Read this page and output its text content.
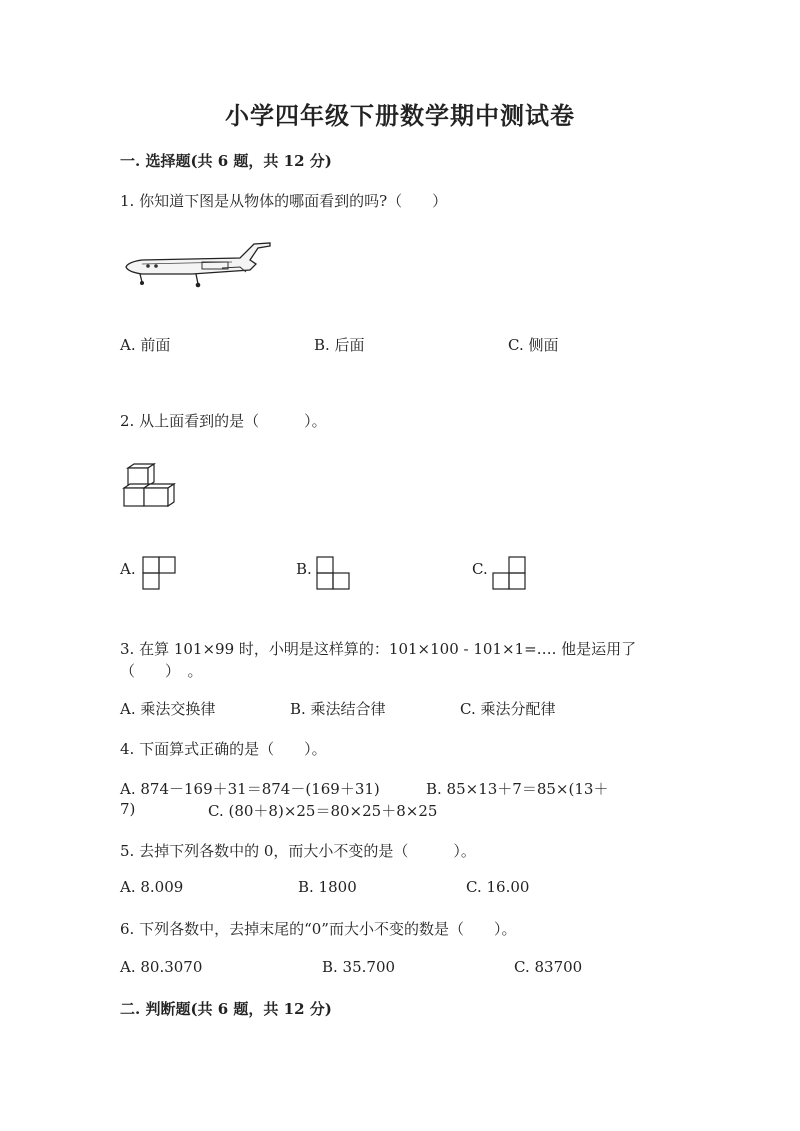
小学四年级下册数学期中测试卷
一. 选择题(共 6 题，共 12 分)
1. 你知道下图是从物体的哪面看到的吗?（　　）
A. 前面	B. 后面	C. 侧面
2. 从上面看到的是（　　　）。
A.	B.	C.
3. 在算 101×99 时，小明是这样算的：101×100 - 101×1=…. 他是运用了
（　　）　。
A. 乘法交换律	B. 乘法结合律	C. 乘法分配律
4. 下面算式正确的是（　　）。
A. 874－169＋31＝874－(169＋31)	B. 85×13＋7＝85×(13＋
7)	C. (80＋8)×25＝80×25＋8×25
5. 去掉下列各数中的 0，而大小不变的是（　　　）。
A. 8.009	B. 1800	C. 16.00
6. 下列各数中，去掉末尾的“0”而大小不变的数是（　　）。
A. 80.3070	B. 35.700	C. 83700
二. 判断题(共 6 题，共 12 分)
